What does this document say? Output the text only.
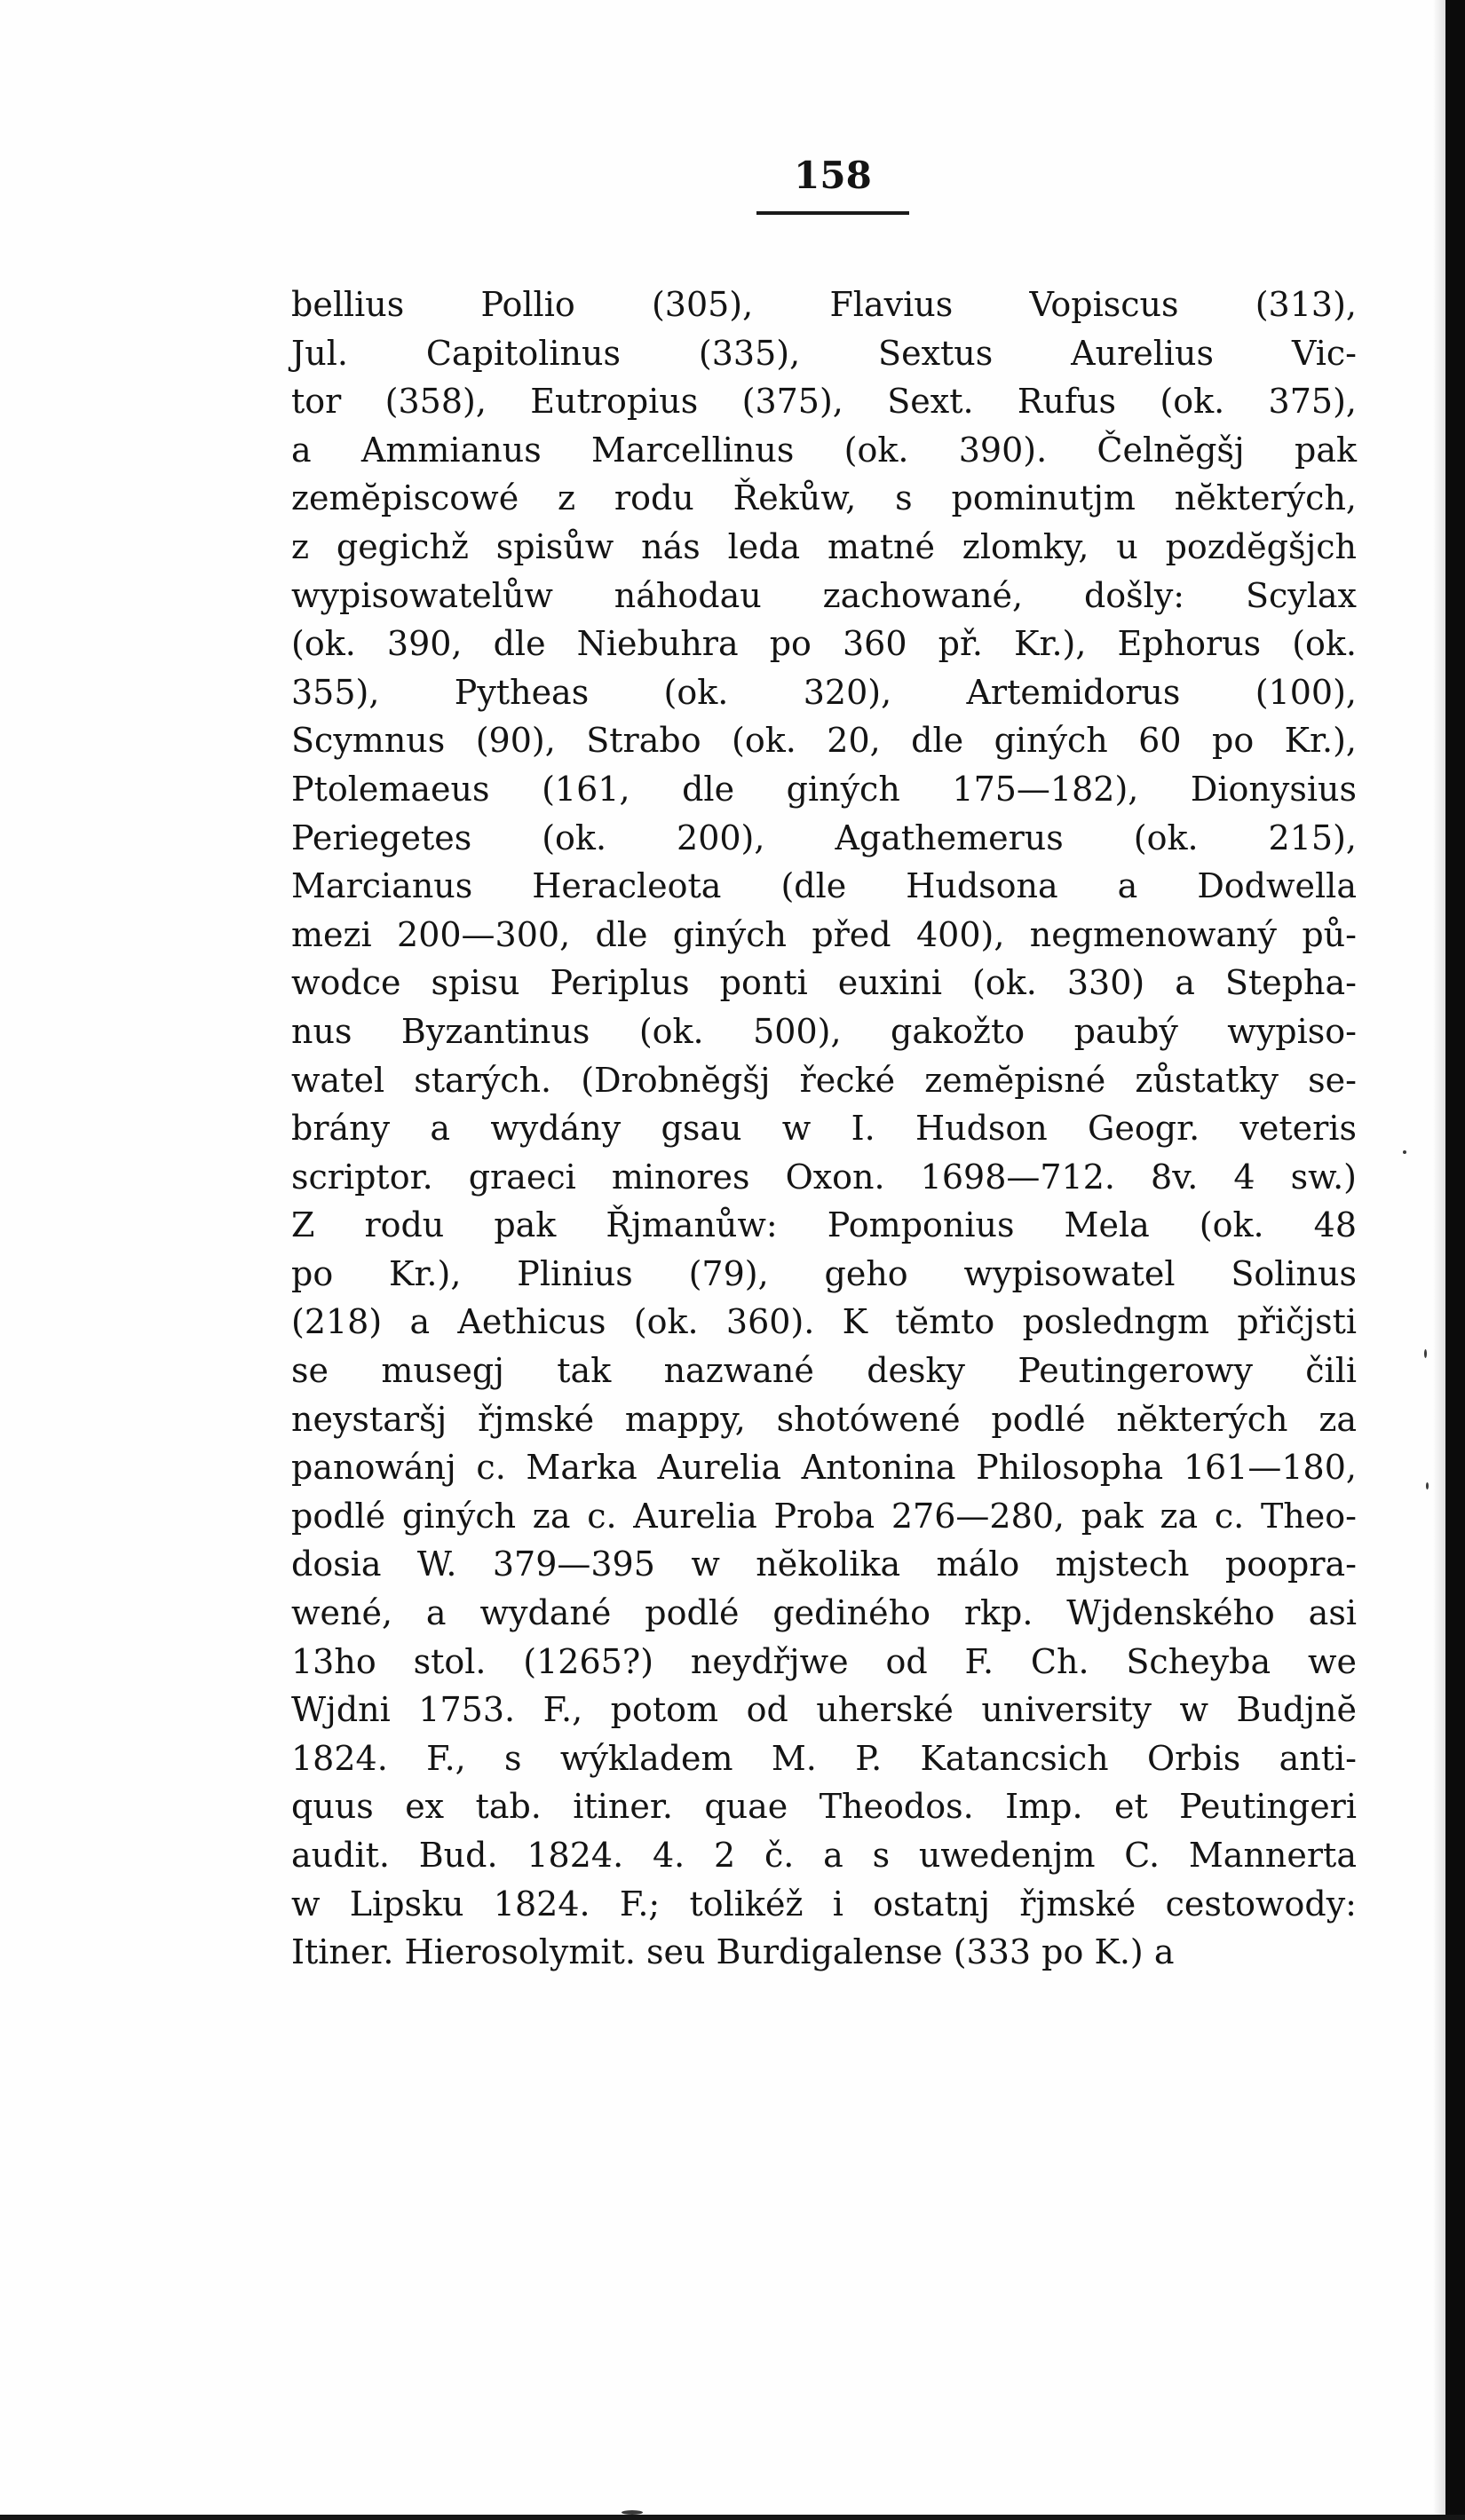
158
bellius Pollio (305), Flavius Vopiscus (313),
Jul. Capitolinus (335), Sextus Aurelius Vic-
tor (358), Eutropius (375), Sext. Rufus (ok. 375),
a Ammianus Marcellinus (ok. 390). Čelnĕgšj pak
zemĕpiscowé z rodu Řekůw, s pominutjm nĕkterých,
z gegichž spisůw nás leda matné zlomky, u pozdĕgšjch
wypisowatelůw náhodau zachowané, došly: Scylax
(ok. 390, dle Niebuhra po 360 př. Kr.), Ephorus (ok.
355), Pytheas (ok. 320), Artemidorus (100),
Scymnus (90), Strabo (ok. 20, dle giných 60 po Kr.),
Ptolemaeus (161, dle giných 175—182), Dionysius
Periegetes (ok. 200), Agathemerus (ok. 215),
Marcianus Heracleota (dle Hudsona a Dodwella
mezi 200—300, dle giných před 400), negmenowaný pů-
wodce spisu Periplus ponti euxini (ok. 330) a Stepha-
nus Byzantinus (ok. 500), gakožto paubý wypiso-
watel starých. (Drobnĕgšj řecké zemĕpisné zůstatky se-
brány a wydány gsau w I. Hudson Geogr. veteris
scriptor. graeci minores Oxon. 1698—712. 8v. 4 sw.)
Z rodu pak Řjmanůw: Pomponius Mela (ok. 48
po Kr.), Plinius (79), geho wypisowatel Solinus
(218) a Aethicus (ok. 360). K tĕmto posledngm přičjsti
se musegj tak nazwané desky Peutingerowy čili
neystaršj řjmské mappy, shotówené podlé nĕkterých za
panowánj c. Marka Aurelia Antonina Philosopha 161—180,
podlé giných za c. Aurelia Proba 276—280, pak za c. Theo-
dosia W. 379—395 w nĕkolika málo mjstech poopra-
wené, a wydané podlé gediného rkp. Wjdenského asi
13ho stol. (1265?) neydřjwe od F. Ch. Scheyba we
Wjdni 1753. F., potom od uherské university w Budjnĕ
1824. F., s wýkladem M. P. Katancsich Orbis anti-
quus ex tab. itiner. quae Theodos. Imp. et Peutingeri
audit. Bud. 1824. 4. 2 č. a s uwedenjm C. Mannerta
w Lipsku 1824. F.; tolikéž i ostatnj řjmské cestowody:
Itiner. Hierosolymit. seu Burdigalense (333 po K.) a
